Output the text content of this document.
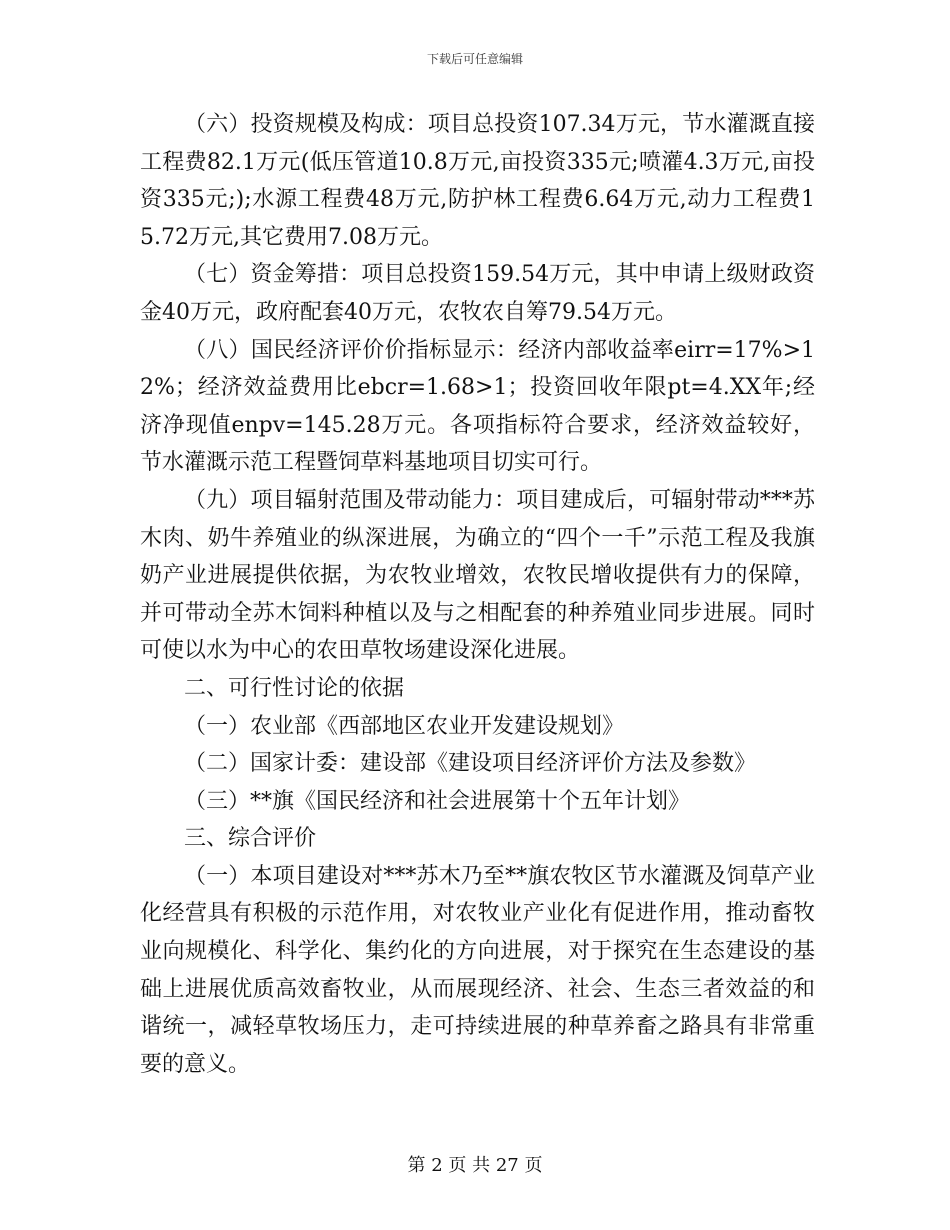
下载后可任意编辑

（六）投资规模及构成：项目总投资107.34万元，节水灌溉直接工程费82.1万元(低压管道10.8万元,亩投资335元;喷灌4.3万元,亩投资335元;);水源工程费48万元,防护林工程费6.64万元,动力工程费15.72万元,其它费用7.08万元。

（七）资金筹措：项目总投资159.54万元，其中申请上级财政资金40万元，政府配套40万元，农牧农自筹79.54万元。

（八）国民经济评价价指标显示：经济内部收益率eirr=17%>12%；经济效益费用比ebcr=1.68>1；投资回收年限pt=4.XX年;经济净现值enpv=145.28万元。各项指标符合要求，经济效益较好，节水灌溉示范工程暨饲草料基地项目切实可行。

（九）项目辐射范围及带动能力：项目建成后，可辐射带动***苏木肉、奶牛养殖业的纵深进展，为确立的“四个一千”示范工程及我旗奶产业进展提供依据，为农牧业增效，农牧民增收提供有力的保障，并可带动全苏木饲料种植以及与之相配套的种养殖业同步进展。同时可使以水为中心的农田草牧场建设深化进展。

二、可行性讨论的依据

（一）农业部《西部地区农业开发建设规划》

（二）国家计委：建设部《建设项目经济评价方法及参数》

（三）**旗《国民经济和社会进展第十个五年计划》

三、综合评价

（一）本项目建设对***苏木乃至**旗农牧区节水灌溉及饲草产业化经营具有积极的示范作用，对农牧业产业化有促进作用，推动畜牧业向规模化、科学化、集约化的方向进展，对于探究在生态建设的基础上进展优质高效畜牧业，从而展现经济、社会、生态三者效益的和谐统一，减轻草牧场压力，走可持续进展的种草养畜之路具有非常重要的意义。

第 2 页 共 27 页
